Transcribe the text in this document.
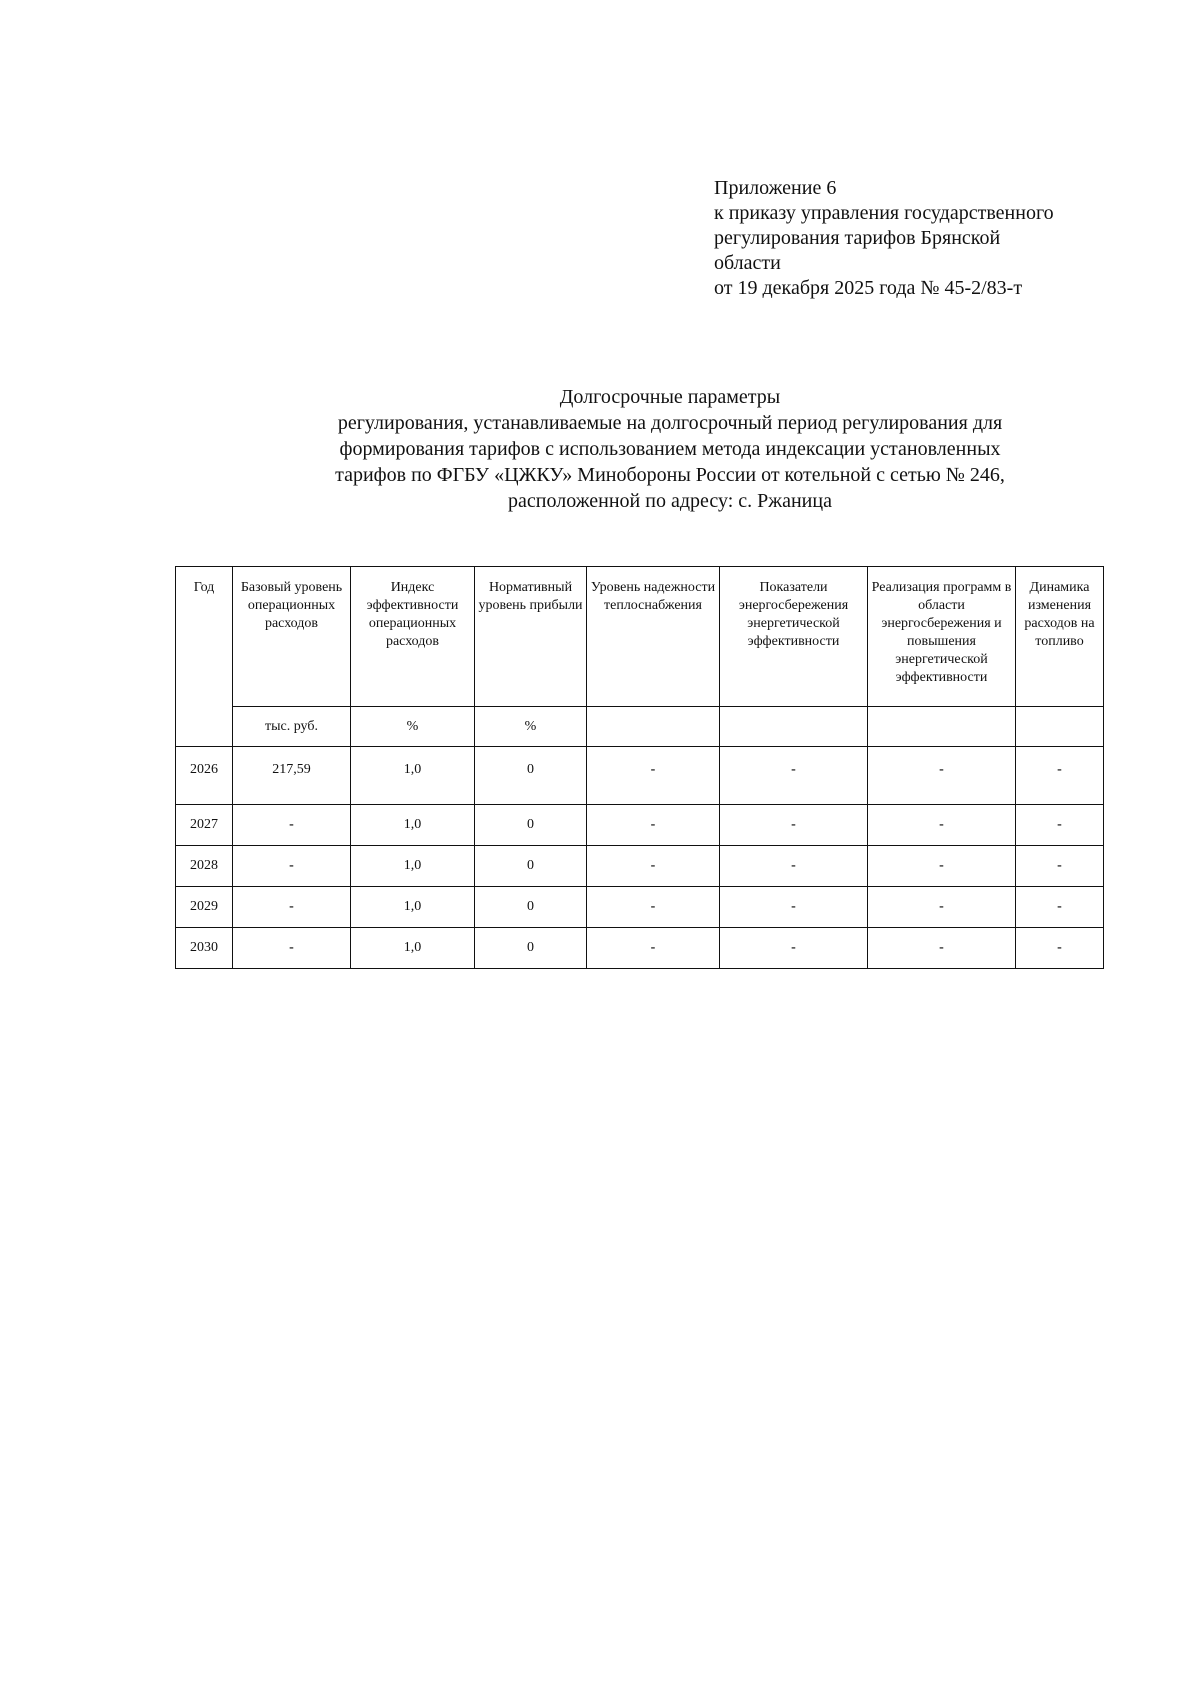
Приложение 6
к приказу управления государственного
регулирования тарифов Брянской
области
от 19 декабря 2025 года № 45-2/83-т
Долгосрочные параметры
регулирования, устанавливаемые на долгосрочный период регулирования для
формирования тарифов с использованием метода индексации установленных
тарифов по ФГБУ «ЦЖКУ» Минобороны России от котельной с сетью № 246,
расположенной по адресу: с. Ржаница
Год	Базовый уровень операционных расходов	Индекс эффективности операционных расходов	Нормативный уровень прибыли	Уровень надежности теплоснабжения	Показатели энергосбережения энергетической эффективности	Реализация программ в области энергосбережения и повышения энергетической эффективности	Динамика изменения расходов на топливо
	тыс. руб.	%	%				
2026	217,59	1,0	0	-	-	-	-
2027	-	1,0	0	-	-	-	-
2028	-	1,0	0	-	-	-	-
2029	-	1,0	0	-	-	-	-
2030	-	1,0	0	-	-	-	-
